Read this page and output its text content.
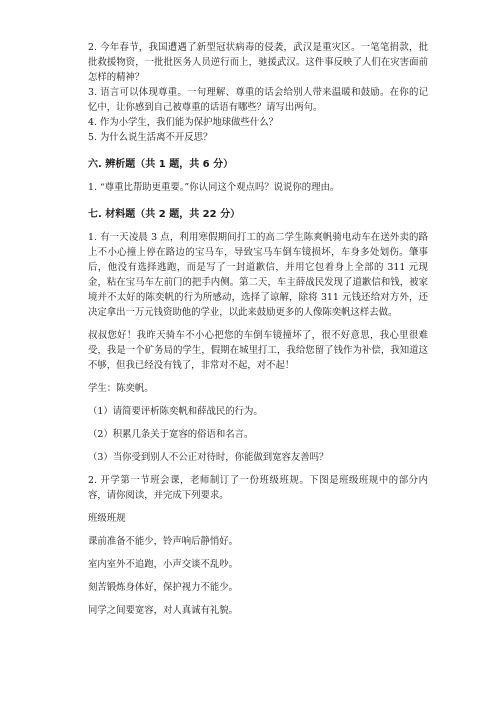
2. 今年春节，我国遭遇了新型冠状病毒的侵袭，武汉是重灾区。一笔笔捐款，批批救援物资，一批批医务人员逆行而上，驰援武汉。这件事反映了人们在灾害面前怎样的精神？

3. 语言可以体现尊重。一句理解、尊重的话会给别人带来温暖和鼓励。在你的记忆中，让你感到自己被尊重的话语有哪些？请写出两句。

4. 作为小学生，我们能为保护地球做些什么？

5. 为什么说生活离不开反思？

六. 辨析题（共 1 题，共 6 分）

1. “尊重比帮助更重要。”你认同这个观点吗？说说你的理由。

七. 材料题（共 2 题，共 22 分）

1. 有一天凌晨 3 点，利用寒假期间打工的高二学生陈爽帆骑电动车在送外卖的路上不小心撞上停在路边的宝马车，导致宝马车倒车镜损坏，车身多处划伤。肇事后，他没有选择逃跑，而是写了一封道歉信，并用它包着身上全部的 311 元现金，粘在宝马车左前门的把手内侧。第二天，车主薛战民发现了道歉信和钱，被家境并不太好的陈奕帆的行为所感动，选择了谅解，除将 311 元钱还给对方外，还决定拿出一万元钱资助他的学业，以此来鼓励更多的人像陈奕帆这样去做。

叔叔您好！我昨天骑车不小心把您的车倒车镜撞坏了，很不好意思，我心里很难受，我是一个矿务局的学生，假期在城里打工，我给您留了钱作为补偿，我知道这不够，但我已经没有钱了，非常对不起，对不起！

学生：陈奕帆。

（1）请简要评析陈奕帆和薛战民的行为。

（2）积累几条关于宽容的俗语和名言。

（3）当你受到别人不公正对待时，你能做到宽容友善吗？

2. 开学第一节班会课，老师制订了一份班级班规。下图是班级班规中的部分内容，请你阅读，并完成下列要求。

班级班规

课前准备不能少，铃声响后静悄好。

室内室外不追跑，小声交谈不乱吵。

刻苦锻炼身体好，保护视力不能少。

同学之间要宽容，对人真诚有礼貌。
